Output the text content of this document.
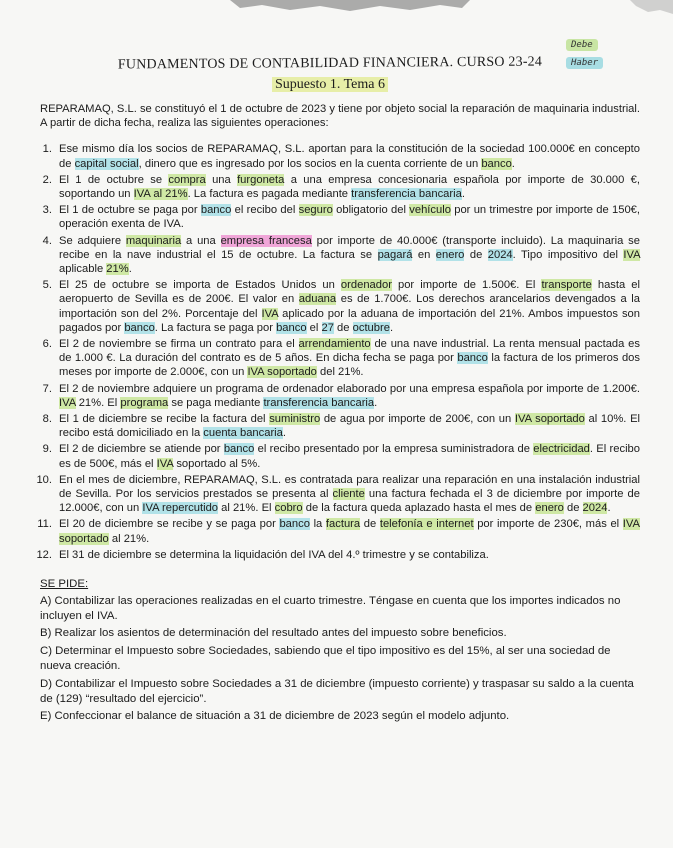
Debe
Haber
FUNDAMENTOS DE CONTABILIDAD FINANCIERA. CURSO 23-24
Supuesto 1. Tema 6

REPARAMAQ, S.L. se constituyó el 1 de octubre de 2023 y tiene por objeto social la reparación de maquinaria industrial. A partir de dicha fecha, realiza las siguientes operaciones:

1. Ese mismo día los socios de REPARAMAQ, S.L. aportan para la constitución de la sociedad 100.000€ en concepto de capital social, dinero que es ingresado por los socios en la cuenta corriente de un banco.
2. El 1 de octubre se compra una furgoneta a una empresa concesionaria española por importe de 30.000 €, soportando un IVA al 21%. La factura es pagada mediante transferencia bancaria.
3. El 1 de octubre se paga por banco el recibo del seguro obligatorio del vehículo por un trimestre por importe de 150€, operación exenta de IVA.
4. Se adquiere maquinaria a una empresa francesa por importe de 40.000€ (transporte incluido). La maquinaria se recibe en la nave industrial el 15 de octubre. La factura se pagará en enero de 2024. Tipo impositivo del IVA aplicable 21%.
5. El 25 de octubre se importa de Estados Unidos un ordenador por importe de 1.500€. El transporte hasta el aeropuerto de Sevilla es de 200€. El valor en aduana es de 1.700€. Los derechos arancelarios devengados a la importación son del 2%. Porcentaje del IVA aplicado por la aduana de importación del 21%. Ambos impuestos son pagados por banco. La factura se paga por banco el 27 de octubre.
6. El 2 de noviembre se firma un contrato para el arrendamiento de una nave industrial. La renta mensual pactada es de 1.000 €. La duración del contrato es de 5 años. En dicha fecha se paga por banco la factura de los primeros dos meses por importe de 2.000€, con un IVA soportado del 21%.
7. El 2 de noviembre adquiere un programa de ordenador elaborado por una empresa española por importe de 1.200€. IVA 21%. El programa se paga mediante transferencia bancaria.
8. El 1 de diciembre se recibe la factura del suministro de agua por importe de 200€, con un IVA soportado al 10%. El recibo está domiciliado en la cuenta bancaria.
9. El 2 de diciembre se atiende por banco el recibo presentado por la empresa suministradora de electricidad. El recibo es de 500€, más el IVA soportado al 5%.
10. En el mes de diciembre, REPARAMAQ, S.L. es contratada para realizar una reparación en una instalación industrial de Sevilla. Por los servicios prestados se presenta al cliente una factura fechada el 3 de diciembre por importe de 12.000€, con un IVA repercutido al 21%. El cobro de la factura queda aplazado hasta el mes de enero de 2024.
11. El 20 de diciembre se recibe y se paga por banco la factura de telefonía e internet por importe de 230€, más el IVA soportado al 21%.
12. El 31 de diciembre se determina la liquidación del IVA del 4.º trimestre y se contabiliza.
SE PIDE:
A) Contabilizar las operaciones realizadas en el cuarto trimestre. Téngase en cuenta que los importes indicados no incluyen el IVA.
B) Realizar los asientos de determinación del resultado antes del impuesto sobre beneficios.
C) Determinar el Impuesto sobre Sociedades, sabiendo que el tipo impositivo es del 15%, al ser una sociedad de nueva creación.
D) Contabilizar el Impuesto sobre Sociedades a 31 de diciembre (impuesto corriente) y traspasar su saldo a la cuenta de (129) “resultado del ejercicio”.
E) Confeccionar el balance de situación a 31 de diciembre de 2023 según el modelo adjunto.
